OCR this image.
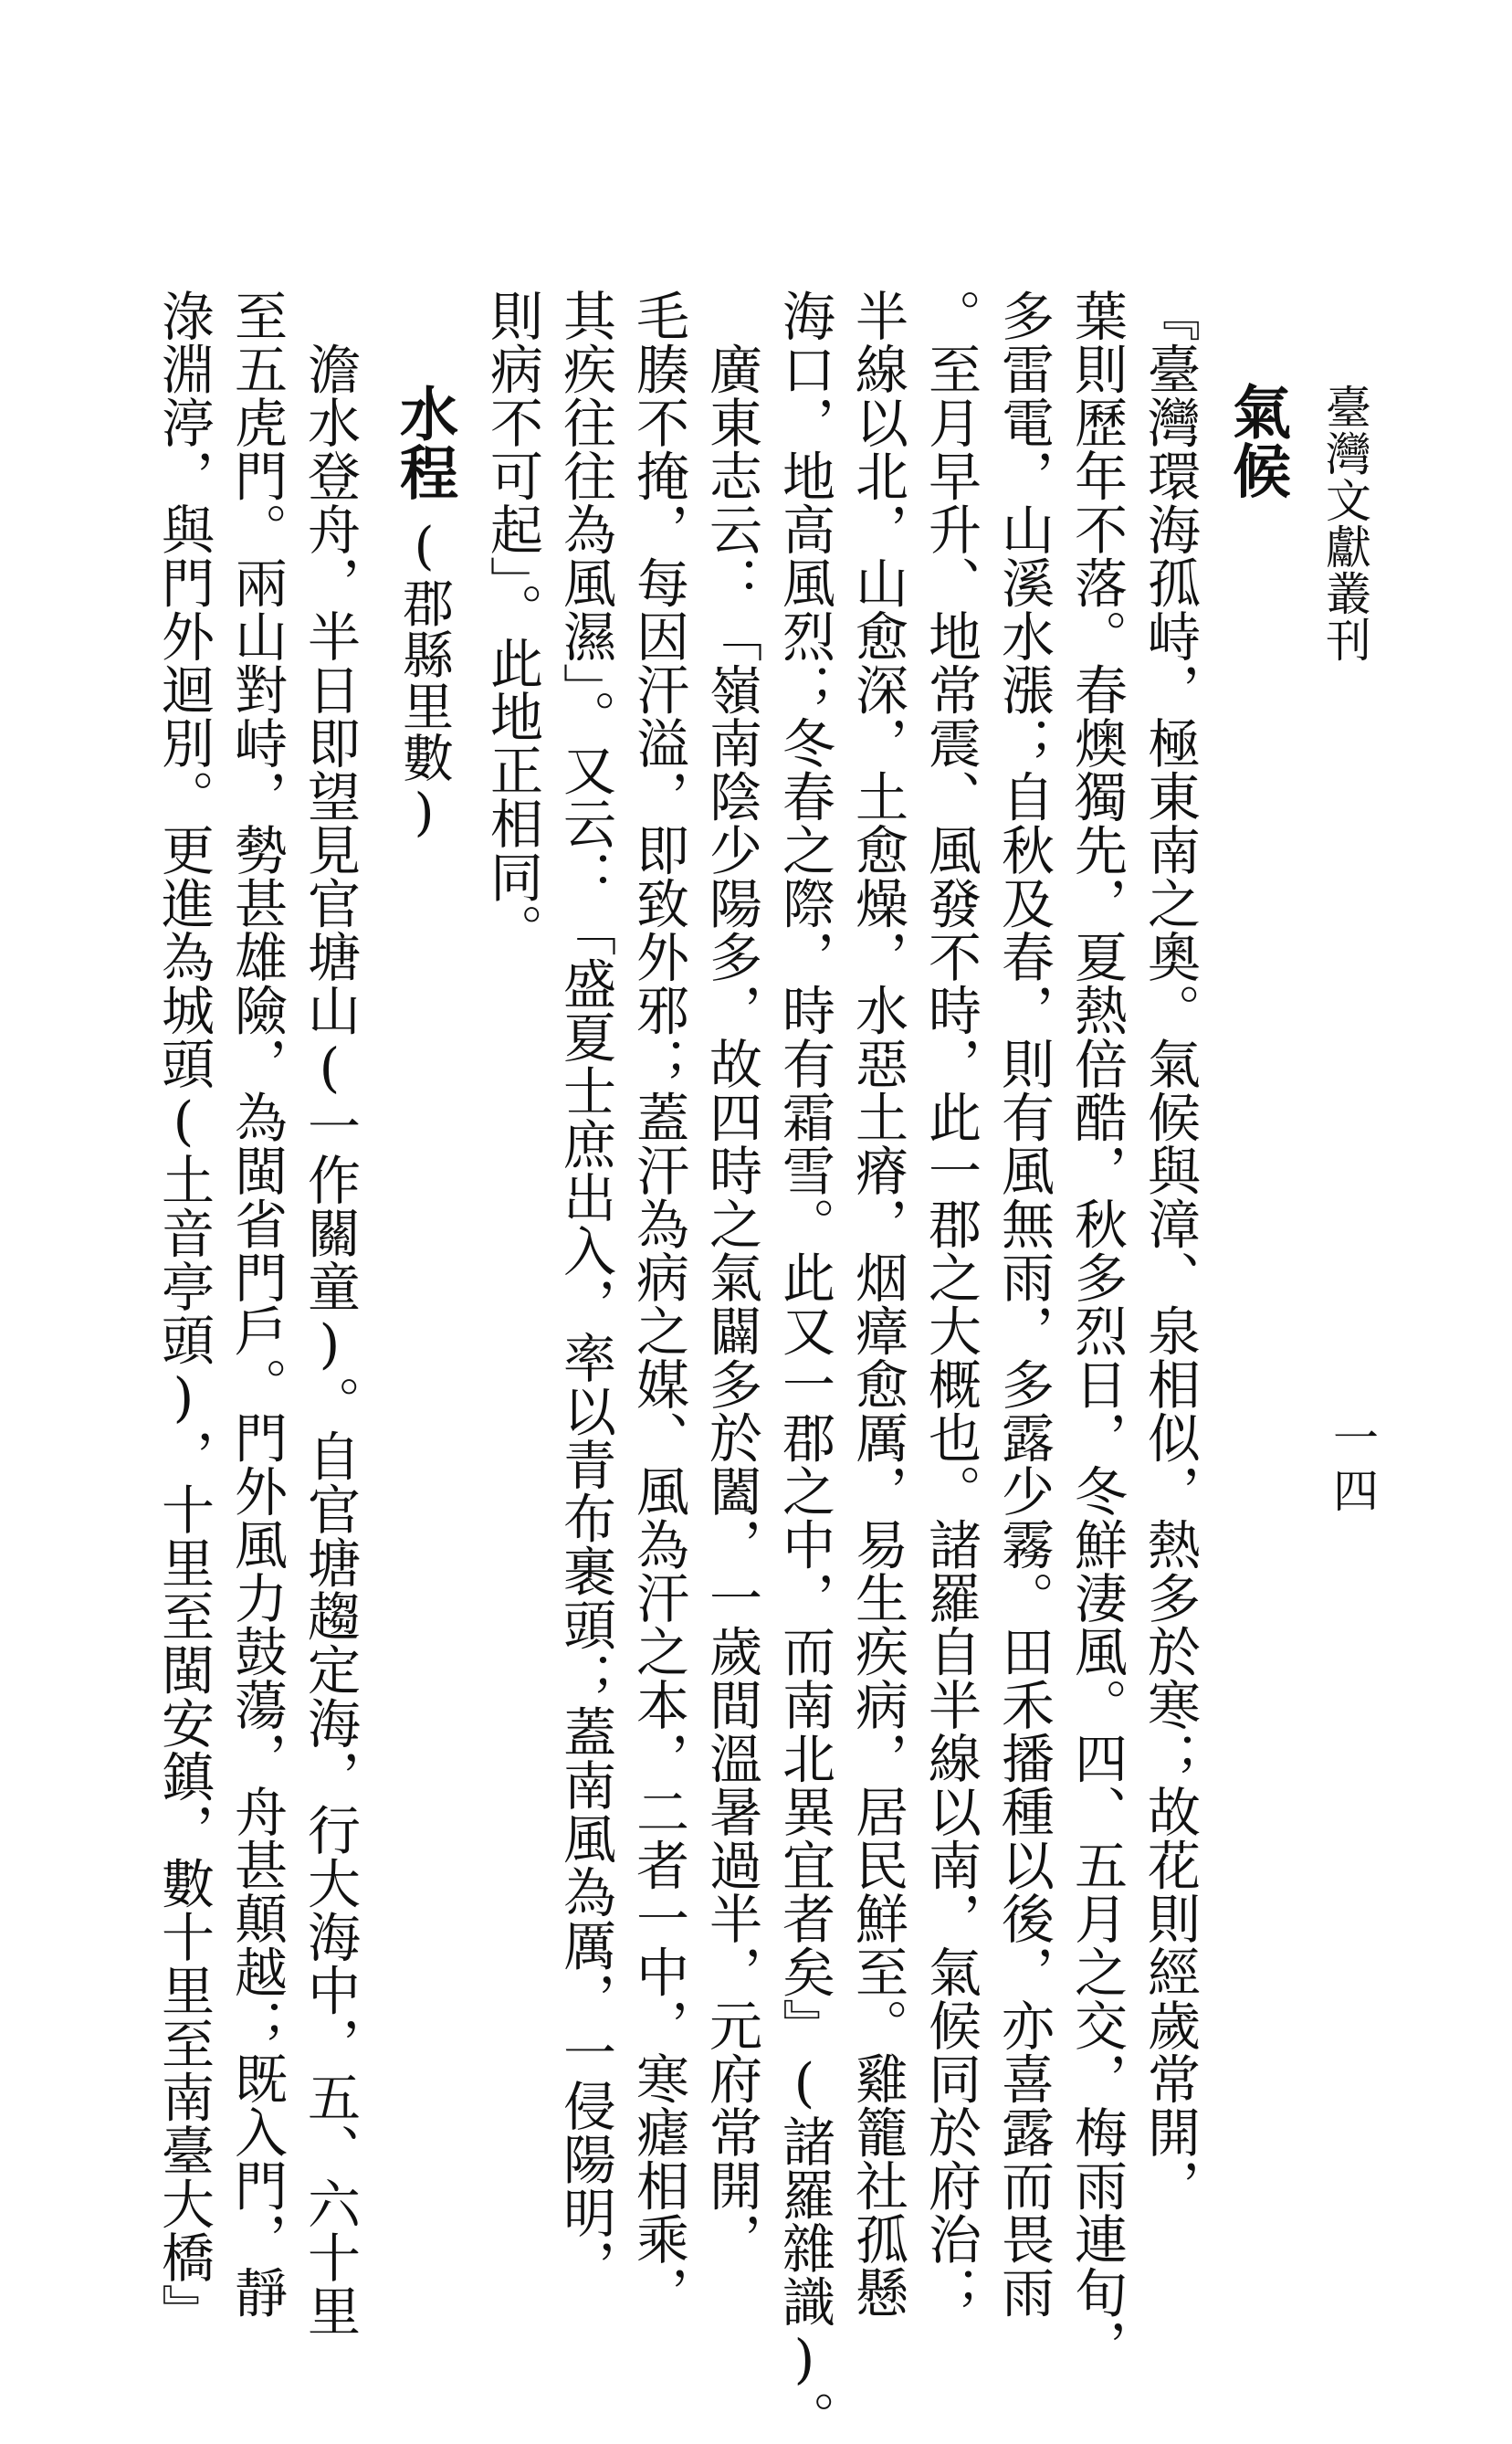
臺灣文獻叢刊
一四
氣候
『臺灣環海孤峙，極東南之奧。氣候與漳、泉相似，熱多於寒；故花則經歲常開，
葉則歷年不落。春燠獨先，夏熱倍酷，秋多烈日，冬鮮淒風。四、五月之交，梅雨連旬，
多雷電，山溪水漲；自秋及春，則有風無雨，多露少霧。田禾播種以後，亦喜露而畏雨
。至月早升、地常震、風發不時，此一郡之大概也。諸羅自半線以南，氣候同於府治；
半線以北，山愈深，土愈燥，水惡土瘠，烟瘴愈厲，易生疾病，居民鮮至。雞籠社孤懸
海口，地高風烈；冬春之際，時有霜雪。此又一郡之中，而南北異宜者矣』(諸羅雜識)。
　廣東志云：「嶺南陰少陽多，故四時之氣闢多於闔，一歲間溫暑過半，元府常開，
毛腠不掩，每因汗溢，即致外邪；蓋汗為病之媒、風為汗之本，二者一中，寒瘧相乘，
其疾往往為風濕」。又云：「盛夏士庶出入，率以青布裹頭；蓋南風為厲，一侵陽明，
則病不可起」。此地正相同。
水程
(郡縣里數)
　澹水登舟，半日即望見官塘山(一作關童)。自官塘趨定海，行大海中，五、六十里
至五虎門。兩山對峙，勢甚雄險，為閩省門戶。門外風力鼓蕩，舟甚顛越；既入門，靜
淥淵渟，與門外迴別。更進為城頭(土音亭頭)，十里至閩安鎮，數十里至南臺大橋』
